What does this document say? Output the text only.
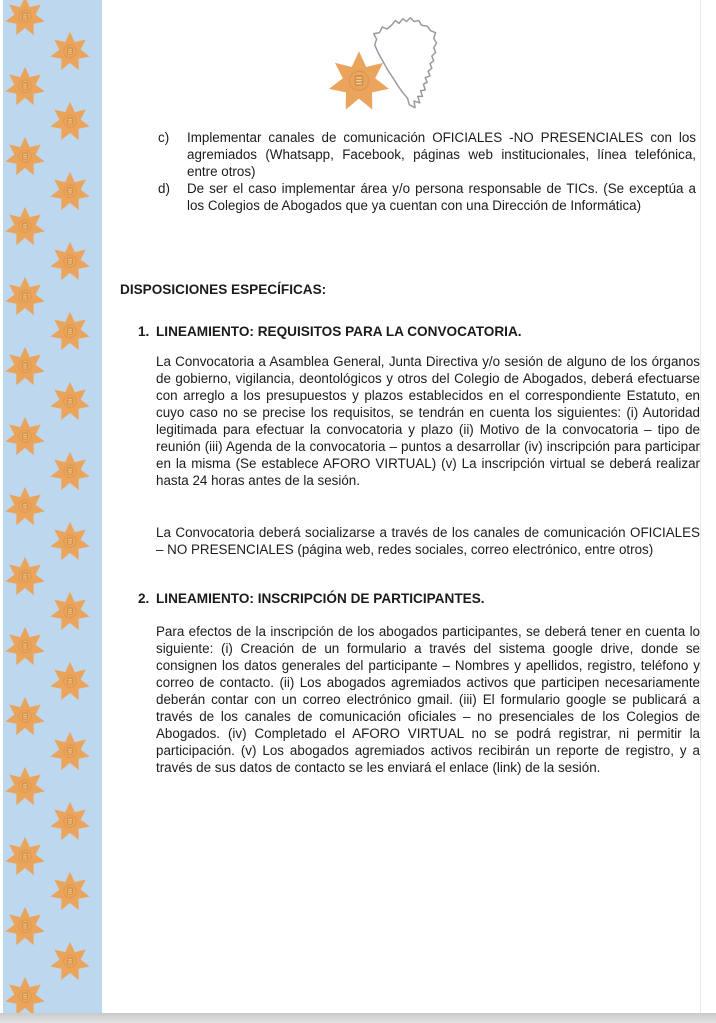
c)	Implementar canales de comunicación OFICIALES -NO PRESENCIALES con los agremiados (Whatsapp, Facebook, páginas web institucionales, línea telefónica, entre otros)
d)	De ser el caso implementar área y/o persona responsable de TICs. (Se exceptúa a los Colegios de Abogados que ya cuentan con una Dirección de Informática)
DISPOSICIONES ESPECÍFICAS:
1. LINEAMIENTO: REQUISITOS PARA LA CONVOCATORIA.
La Convocatoria a Asamblea General, Junta Directiva y/o sesión de alguno de los órganos de gobierno, vigilancia, deontológicos y otros del Colegio de Abogados, deberá efectuarse con arreglo a los presupuestos y plazos establecidos en el correspondiente Estatuto, en cuyo caso no se precise los requisitos, se tendrán en cuenta los siguientes: (i) Autoridad legitimada para efectuar la convocatoria y plazo (ii) Motivo de la convocatoria – tipo de reunión (iii) Agenda de la convocatoria – puntos a desarrollar (iv) inscripción para participar en la misma (Se establece AFORO VIRTUAL) (v) La inscripción virtual se deberá realizar hasta 24 horas antes de la sesión.
La Convocatoria deberá socializarse a través de los canales de comunicación OFICIALES – NO PRESENCIALES (página web, redes sociales, correo electrónico, entre otros)
2. LINEAMIENTO: INSCRIPCIÓN DE PARTICIPANTES.
Para efectos de la inscripción de los abogados participantes, se deberá tener en cuenta lo siguiente: (i) Creación de un formulario a través del sistema google drive, donde se consignen los datos generales del participante – Nombres y apellidos, registro, teléfono y correo de contacto. (ii) Los abogados agremiados activos que participen necesariamente deberán contar con un correo electrónico gmail. (iii) El formulario google se publicará a través de los canales de comunicación oficiales – no presenciales de los Colegios de Abogados. (iv) Completado el AFORO VIRTUAL no se podrá registrar, ni permitir la participación. (v) Los abogados agremiados activos recibirán un reporte de registro, y a través de sus datos de contacto se les enviará el enlace (link) de la sesión.
